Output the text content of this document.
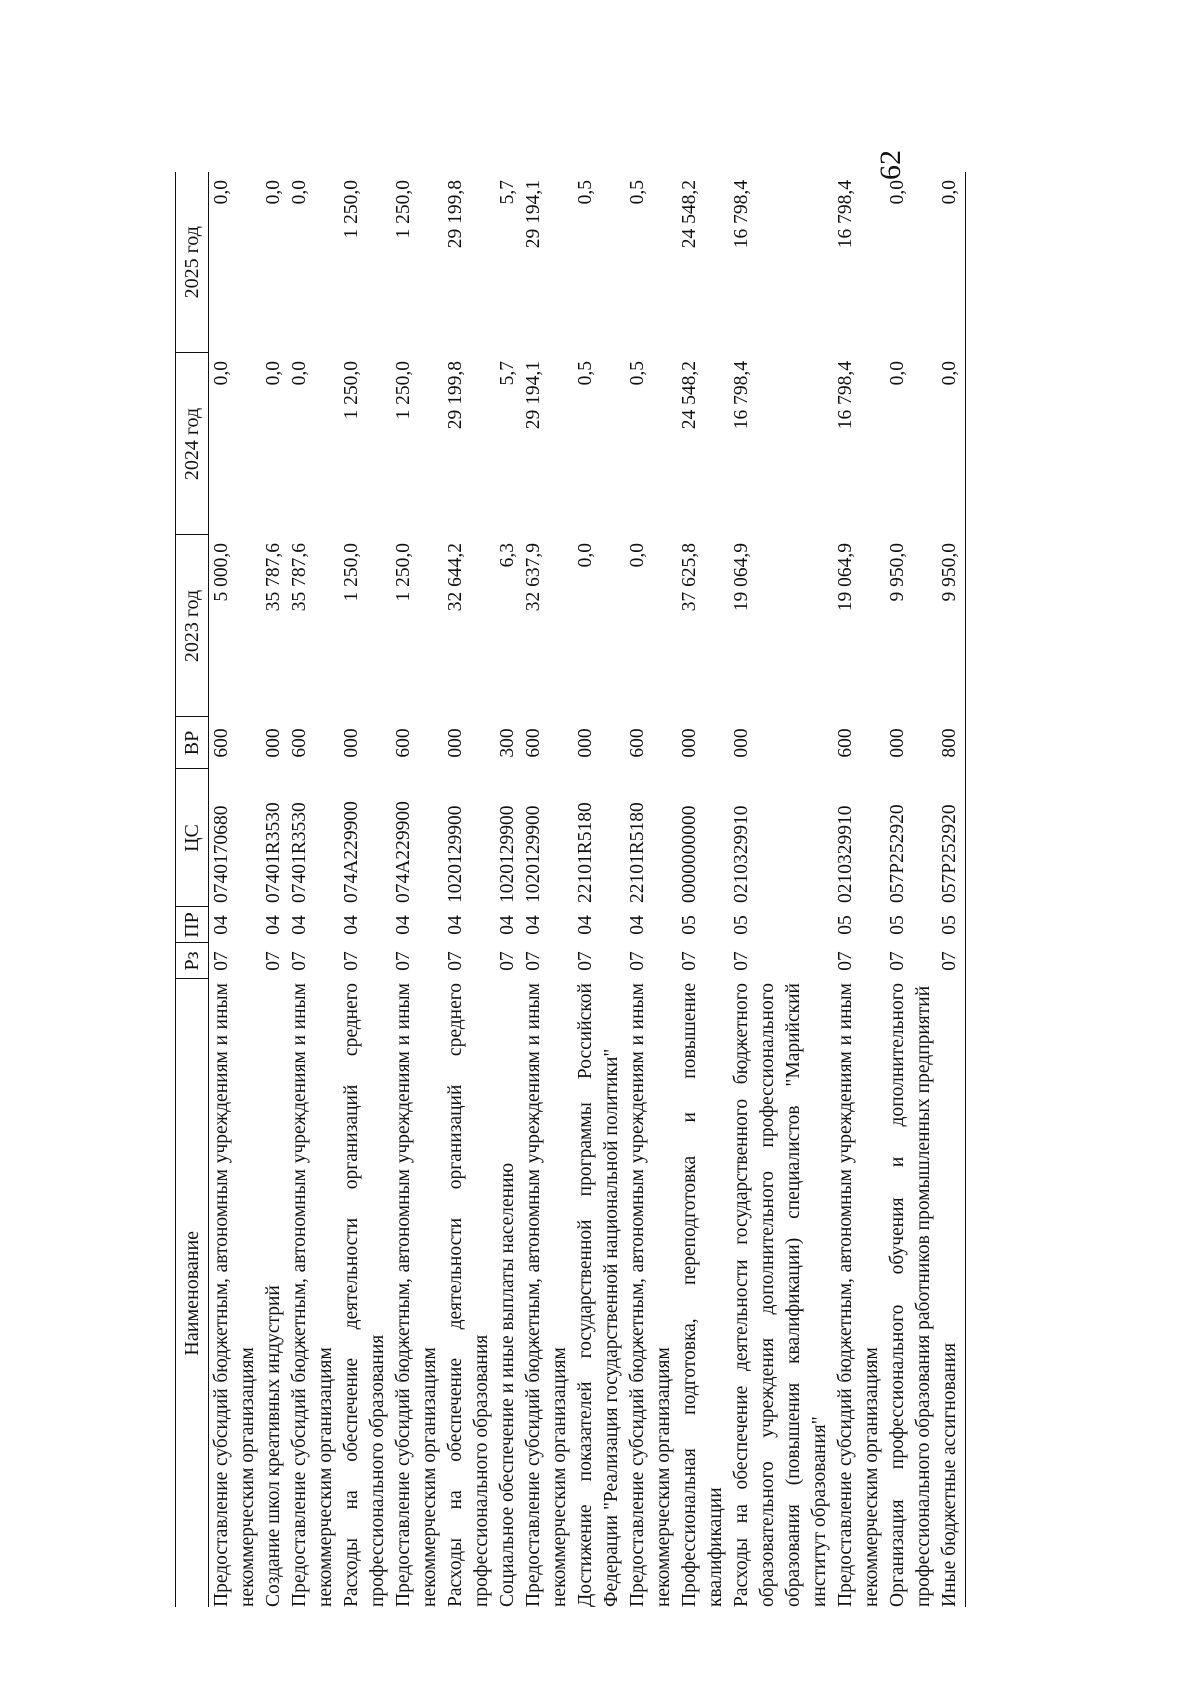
62
Наименование	Рз	ПР	ЦС	ВР	2023 год	2024 год	2025 год
Предоставление субсидий бюджетным, автономным учреждениям и иным некоммерческим организациям	07	04	0740170680	600	5 000,0	0,0	0,0
Создание школ креативных индустрий	07	04	07401R3530	000	35 787,6	0,0	0,0
Предоставление субсидий бюджетным, автономным учреждениям и иным некоммерческим организациям	07	04	07401R3530	600	35 787,6	0,0	0,0
Расходы на обеспечение деятельности организаций среднего профессионального образования	07	04	074A229900	000	1 250,0	1 250,0	1 250,0
Предоставление субсидий бюджетным, автономным учреждениям и иным некоммерческим организациям	07	04	074A229900	600	1 250,0	1 250,0	1 250,0
Расходы на обеспечение деятельности организаций среднего профессионального образования	07	04	1020129900	000	32 644,2	29 199,8	29 199,8
Социальное обеспечение и иные выплаты населению	07	04	1020129900	300	6,3	5,7	5,7
Предоставление субсидий бюджетным, автономным учреждениям и иным некоммерческим организациям	07	04	1020129900	600	32 637,9	29 194,1	29 194,1
Достижение показателей государственной программы Российской Федерации "Реализация государственной национальной политики"	07	04	22101R5180	000	0,0	0,5	0,5
Предоставление субсидий бюджетным, автономным учреждениям и иным некоммерческим организациям	07	04	22101R5180	600	0,0	0,5	0,5
Профессиональная подготовка, переподготовка и повышение квалификации	07	05	0000000000	000	37 625,8	24 548,2	24 548,2
Расходы на обеспечение деятельности государственного бюджетного образовательного учреждения дополнительного профессионального образования (повышения квалификации) специалистов "Марийский институт образования"	07	05	0210329910	000	19 064,9	16 798,4	16 798,4
Предоставление субсидий бюджетным, автономным учреждениям и иным некоммерческим организациям	07	05	0210329910	600	19 064,9	16 798,4	16 798,4
Организация профессионального обучения и дополнительного профессионального образования работников промышленных предприятий	07	05	057P252920	000	9 950,0	0,0	0,0
Иные бюджетные ассигнования	07	05	057P252920	800	9 950,0	0,0	0,0
